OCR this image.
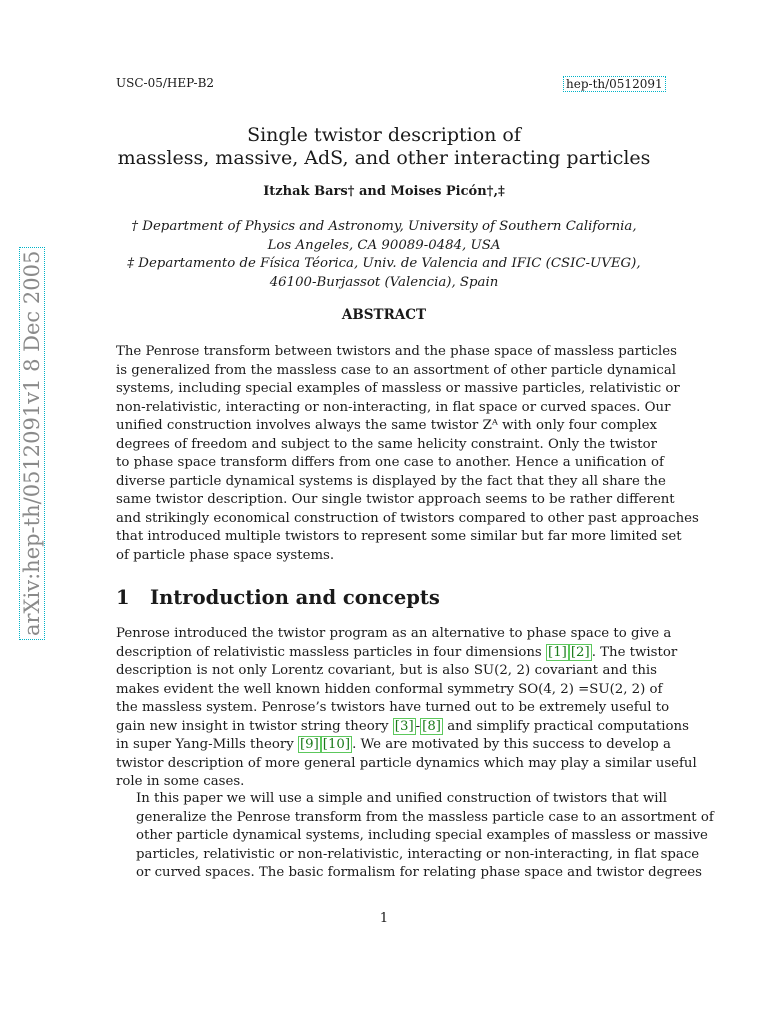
USC-05/HEP-B2	hep-th/0512091
arXiv:hep-th/0512091v1 8 Dec 2005
Single twistor description of
massless, massive, AdS, and other interacting particles
Itzhak Bars† and Moises Picón†,‡
† Department of Physics and Astronomy, University of Southern California,
Los Angeles, CA 90089-0484, USA
‡ Departamento de Física Téorica, Univ. de Valencia and IFIC (CSIC-UVEG),
46100-Burjassot (Valencia), Spain
ABSTRACT
The Penrose transform between twistors and the phase space of massless particles
is generalized from the massless case to an assortment of other particle dynamical
systems, including special examples of massless or massive particles, relativistic or
non-relativistic, interacting or non-interacting, in flat space or curved spaces. Our
unified construction involves always the same twistor Zᴬ with only four complex
degrees of freedom and subject to the same helicity constraint. Only the twistor
to phase space transform differs from one case to another. Hence a unification of
diverse particle dynamical systems is displayed by the fact that they all share the
same twistor description. Our single twistor approach seems to be rather different
and strikingly economical construction of twistors compared to other past approaches
that introduced multiple twistors to represent some similar but far more limited set
of particle phase space systems.
1 Introduction and concepts
Penrose introduced the twistor program as an alternative to phase space to give a
description of relativistic massless particles in four dimensions [1] [2] . The twistor
description is not only Lorentz covariant, but is also SU(2, 2) covariant and this
makes evident the well known hidden conformal symmetry SO(4, 2) =SU(2, 2) of
the massless system. Penrose’s twistors have turned out to be extremely useful to
gain new insight in twistor string theory [3] - [8] and simplify practical computations
in super Yang-Mills theory [9] [10] . We are motivated by this success to develop a
twistor description of more general particle dynamics which may play a similar useful
role in some cases.
In this paper we will use a simple and unified construction of twistors that will
generalize the Penrose transform from the massless particle case to an assortment of
other particle dynamical systems, including special examples of massless or massive
particles, relativistic or non-relativistic, interacting or non-interacting, in flat space
or curved spaces. The basic formalism for relating phase space and twistor degrees
1
